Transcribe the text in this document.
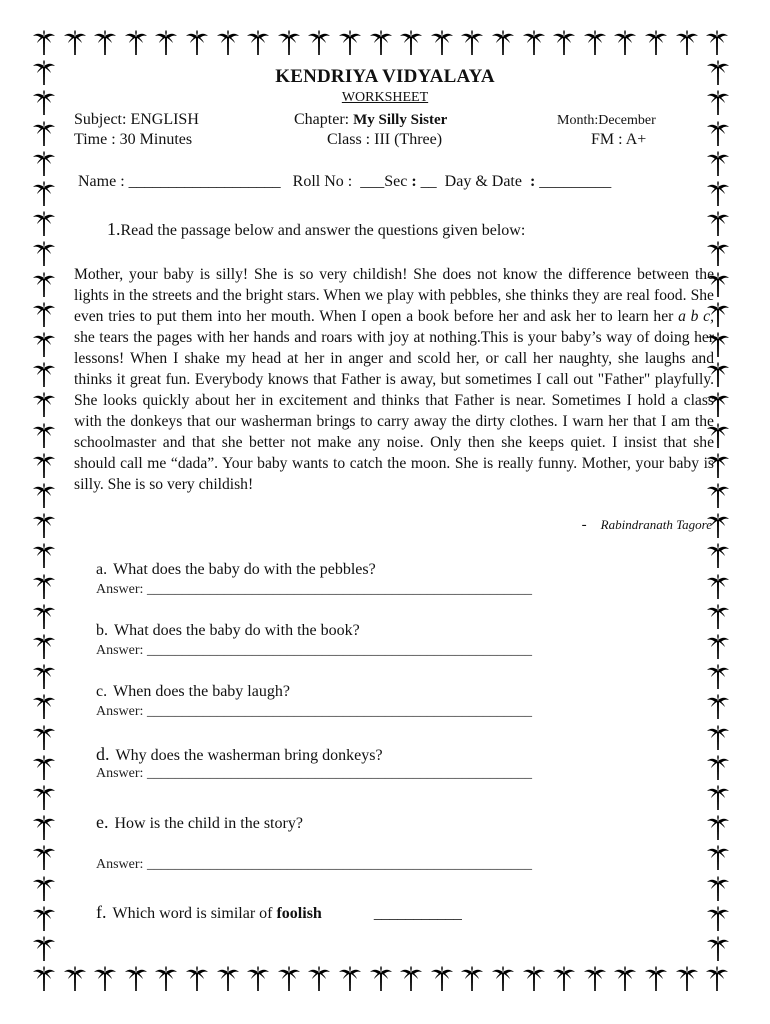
KENDRIYA VIDYALAYA
WORKSHEET
Subject: ENGLISH
Time : 30 Minutes
Chapter: My Silly Sister
Class : III (Three)
Month:December
FM : A+
Name : ___________________ Roll No : ___Sec : __ Day & Date : _________
1.Read the passage below and answer the questions given below:
Mother, your baby is silly! She is so very childish! She does not know the difference between the lights in the streets and the bright stars. When we play with pebbles, she thinks they are real food. She even tries to put them into her mouth. When I open a book before her and ask her to learn her a b c, she tears the pages with her hands and roars with joy at nothing.This is your baby’s way of doing her lessons! When I shake my head at her in anger and scold her, or call her naughty, she laughs and thinks it great fun. Everybody knows that Father is away, but sometimes I call out "Father" playfully. She looks quickly about her in excitement and thinks that Father is near. Sometimes I hold a class with the donkeys that our washerman brings to carry away the dirty clothes. I warn her that I am the schoolmaster and that she better not make any noise. Only then she keeps quiet. I insist that she should call me “dada”. Your baby wants to catch the moon. She is really funny. Mother, your baby is silly. She is so very childish!
- Rabindranath Tagore
a. What does the baby do with the pebbles?
Answer: _______________________________________________________
b. What does the baby do with the book?
Answer: _______________________________________________________
c. When does the baby laugh?
Answer: _______________________________________________________
d. Why does the washerman bring donkeys?
Answer: _______________________________________________________
e. How is the child in the story?
Answer: _______________________________________________________
f. Which word is similar of foolish	___________
